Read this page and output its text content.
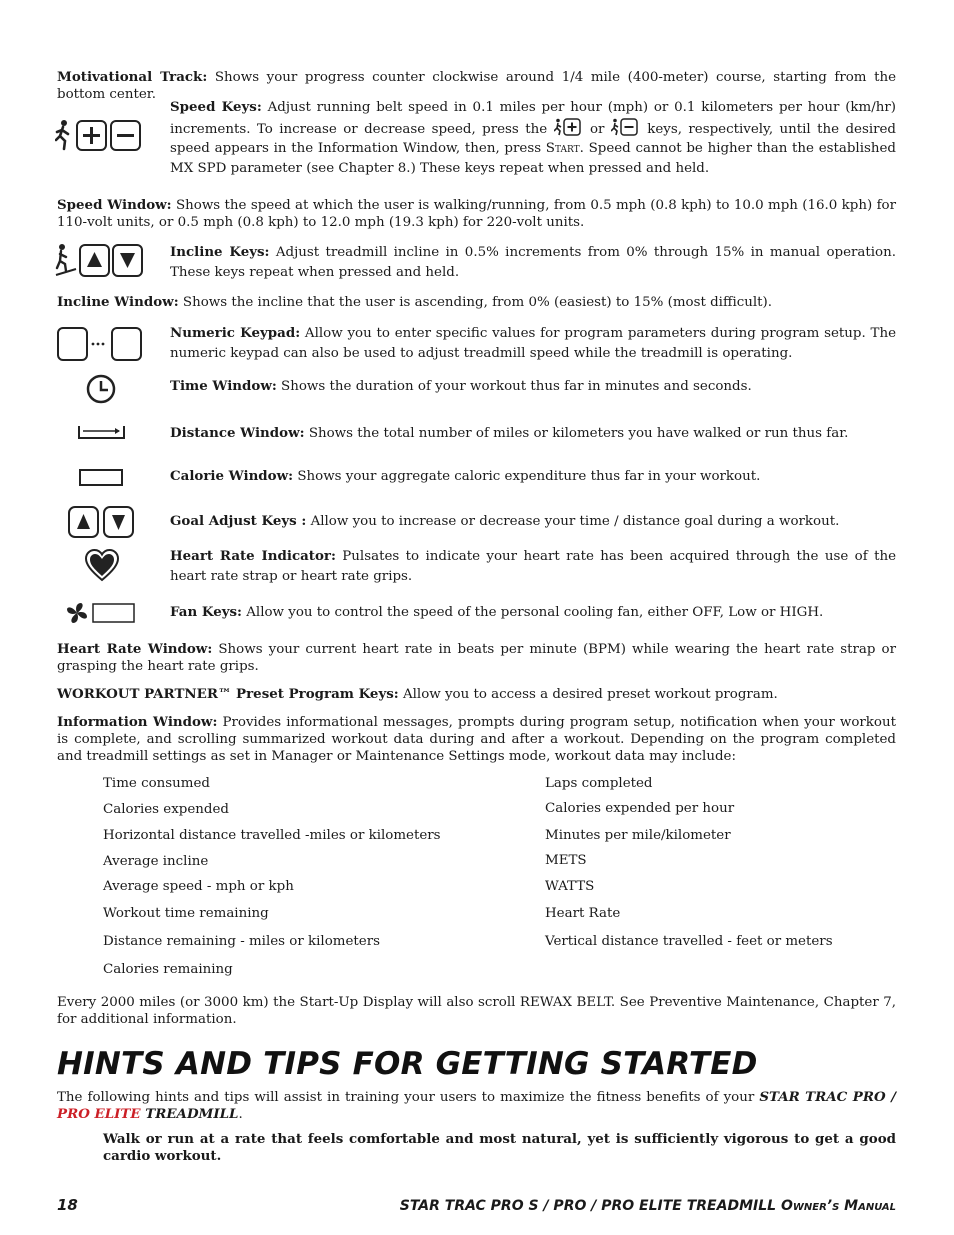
Motivational Track: Shows your progress counter clockwise around 1/4 mile (400-meter) course, starting from the bottom center.

Speed Keys: Adjust running belt speed in 0.1 miles per hour (mph) or 0.1 kilometers per hour (km/hr) increments. To increase or decrease speed, press the  or  keys, respectively, until the desired speed appears in the Information Window, then, press Start. Speed cannot be higher than the established MX SPD parameter (see Chapter 8.) These keys repeat when pressed and held.

Speed Window: Shows the speed at which the user is walking/running, from 0.5 mph (0.8 kph) to 10.0 mph (16.0 kph) for 110-volt units, or 0.5 mph (0.8 kph) to 12.0 mph (19.3 kph) for 220-volt units.

Incline Keys: Adjust treadmill incline in 0.5% increments from 0% through 15% in manual operation. These keys repeat when pressed and held.

Incline Window: Shows the incline that the user is ascending, from 0% (easiest) to 15% (most difficult).

Numeric Keypad: Allow you to enter specific values for program parameters during program setup. The numeric keypad can also be used to adjust treadmill speed while the treadmill is operating.

Time Window: Shows the duration of your workout thus far in minutes and seconds.

Distance Window: Shows the total number of miles or kilometers you have walked or run thus far.

Calorie Window: Shows your aggregate caloric expenditure thus far in your workout.

Goal Adjust Keys : Allow you to increase or decrease your time / distance goal during a workout.

Heart Rate Indicator: Pulsates to indicate your heart rate has been acquired through the use of the heart rate strap or heart rate grips.

Fan Keys: Allow you to control the speed of the personal cooling fan, either OFF, Low or HIGH.

Heart Rate Window: Shows your current heart rate in beats per minute (BPM) while wearing the heart rate strap or grasping the heart rate grips.

WORKOUT PARTNER™ Preset Program Keys: Allow you to access a desired preset workout program.

Information Window: Provides informational messages, prompts during program setup, notification when your workout is complete, and scrolling summarized workout data during and after a workout. Depending on the program completed and treadmill settings as set in Manager or Maintenance Settings mode, workout data may include:

Time consumed
Calories expended
Horizontal distance travelled -miles or kilometers
Average incline
Average speed - mph or kph
Workout time remaining
Distance remaining - miles or kilometers
Calories remaining
Laps completed
Calories expended per hour
Minutes per mile/kilometer
METS
WATTS
Heart Rate
Vertical distance travelled - feet or meters

Every 2000 miles (or 3000 km) the Start-Up Display will also scroll REWAX BELT. See Preventive Maintenance, Chapter 7, for additional information.

HINTS AND TIPS FOR GETTING STARTED

The following hints and tips will assist in training your users to maximize the fitness benefits of your STAR TRAC PRO / PRO ELITE TREADMILL.

Walk or run at a rate that feels comfortable and most natural, yet is sufficiently vigorous to get a good cardio workout.

18	STAR TRAC PRO S / PRO / PRO ELITE TREADMILL Owner’s Manual
